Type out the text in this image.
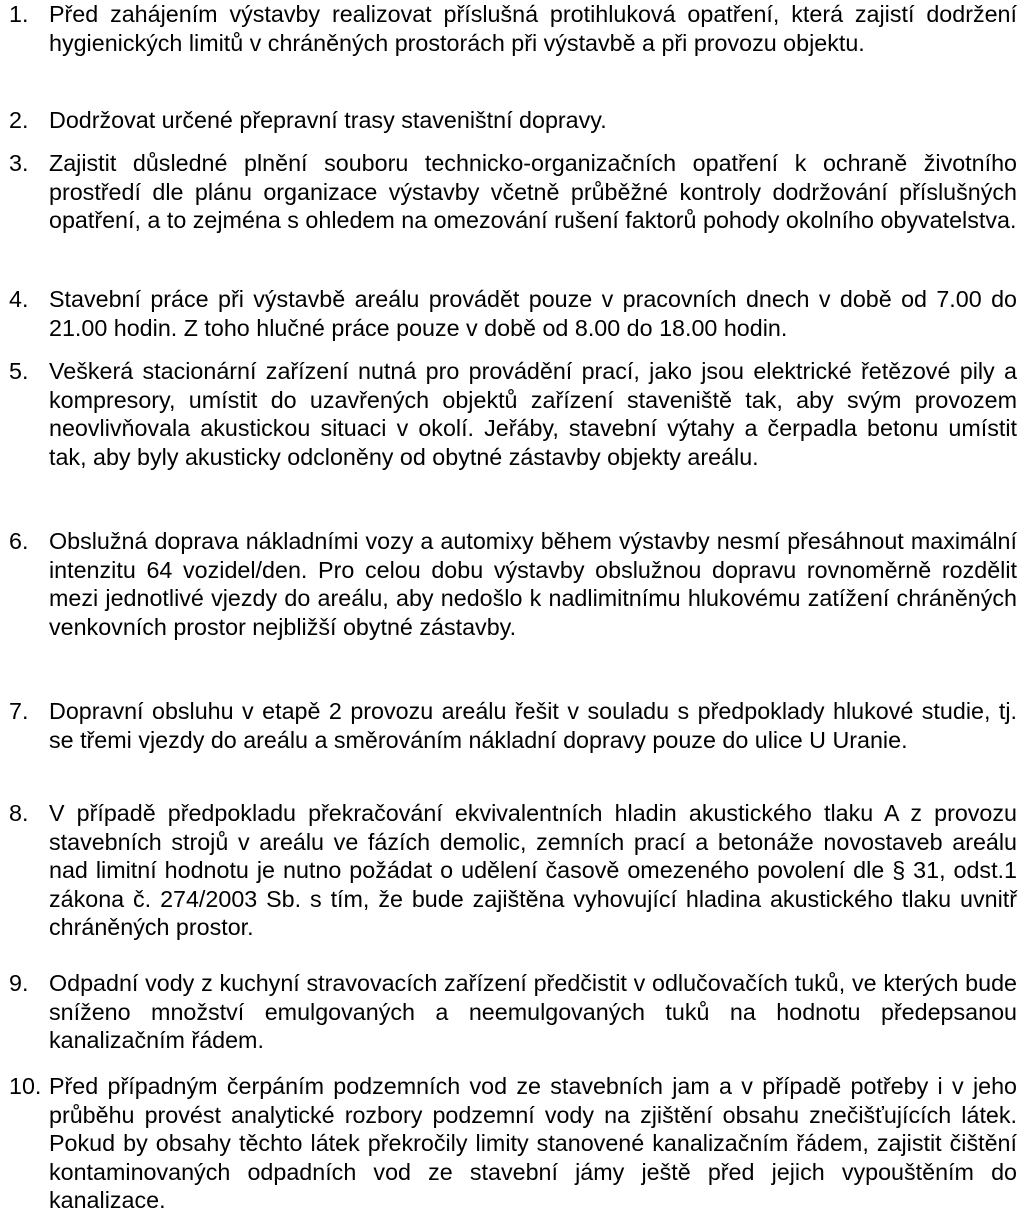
1. Před zahájením výstavby realizovat příslušná protihluková opatření, která zajistí dodržení hygienických limitů v chráněných prostorách při výstavbě a při provozu objektu.
2. Dodržovat určené přepravní trasy staveništní dopravy.
3. Zajistit důsledné plnění souboru technicko-organizačních opatření k ochraně životního prostředí dle plánu organizace výstavby včetně průběžné kontroly dodržování příslušných opatření, a to zejména s ohledem na omezování rušení faktorů pohody okolního obyvatelstva.
4. Stavební práce při výstavbě areálu provádět pouze v pracovních dnech v době od 7.00 do 21.00 hodin. Z toho hlučné práce pouze v době od 8.00 do 18.00 hodin.
5. Veškerá stacionární zařízení nutná pro provádění prací, jako jsou elektrické řetězové pily a kompresory, umístit do uzavřených objektů zařízení staveniště tak, aby svým provozem neovlivňovala akustickou situaci v okolí. Jeřáby, stavební výtahy a čerpadla betonu umístit tak, aby byly akusticky odcloněny od obytné zástavby objekty areálu.
6. Obslužná doprava nákladními vozy a automixy během výstavby nesmí přesáhnout maximální intenzitu 64 vozidel/den. Pro celou dobu výstavby obslužnou dopravu rovnoměrně rozdělit mezi jednotlivé vjezdy do areálu, aby nedošlo k nadlimitnímu hlukovému zatížení chráněných venkovních prostor nejbližší obytné zástavby.
7. Dopravní obsluhu v etapě 2 provozu areálu řešit v souladu s předpoklady hlukové studie, tj. se třemi vjezdy do areálu a směrováním nákladní dopravy pouze do ulice U Uranie.
8. V případě předpokladu překračování ekvivalentních hladin akustického tlaku A z provozu stavebních strojů v areálu ve fázích demolic, zemních prací a betonáže novostaveb areálu nad limitní hodnotu je nutno požádat o udělení časově omezeného povolení dle § 31, odst.1 zákona č. 274/2003 Sb. s tím, že bude zajištěna vyhovující hladina akustického tlaku uvnitř chráněných prostor.
9. Odpadní vody z kuchyní stravovacích zařízení předčistit v odlučovačích tuků, ve kterých bude sníženo množství emulgovaných a neemulgovaných tuků na hodnotu předepsanou kanalizačním řádem.
10. Před případným čerpáním podzemních vod ze stavebních jam a v případě potřeby i v jeho průběhu provést analytické rozbory podzemní vody na zjištění obsahu znečišťujících látek. Pokud by obsahy těchto látek překročily limity stanovené kanalizačním řádem, zajistit čištění kontaminovaných odpadních vod ze stavební jámy ještě před jejich vypouštěním do kanalizace.
